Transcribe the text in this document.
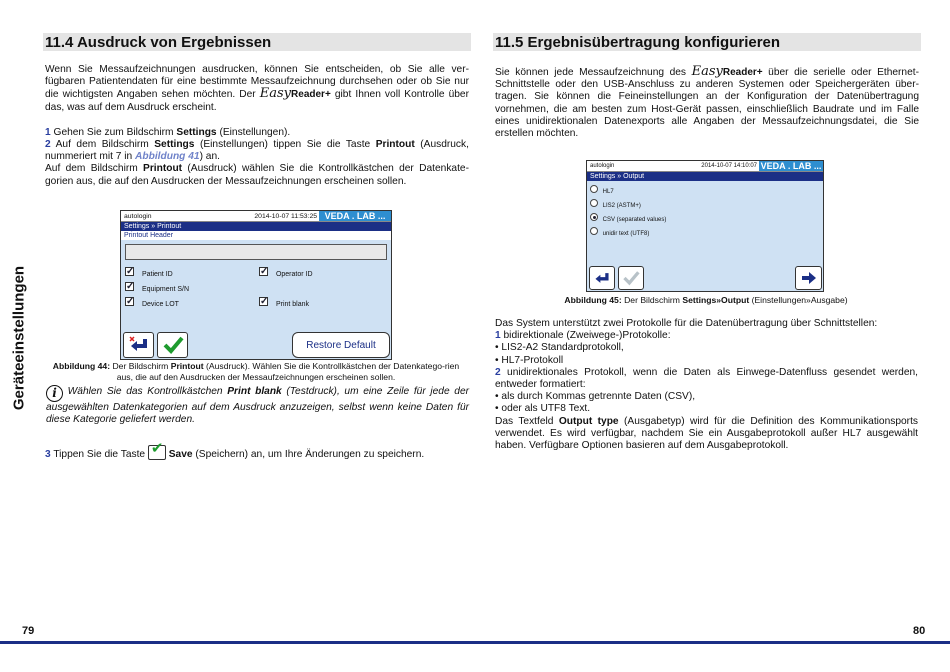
Geräteeinstellungen
11.4 Ausdruck von Ergebnissen

Wenn Sie Messaufzeichnungen ausdrucken, können Sie entscheiden, ob Sie alle ver-fügbaren Patientendaten für eine bestimmte Messaufzeichnung durchsehen oder ob Sie nur die wichtigsten Angaben sehen möchten. Der EasyReader+ gibt Ihnen voll Kontrolle über das, was auf dem Ausdruck erscheint.

1 Gehen Sie zum Bildschirm Settings (Einstellungen).

2 Auf dem Bildschirm Settings (Einstellungen) tippen Sie die Taste Printout (Ausdruck, nummeriert mit 7 in Abbildung 41) an.
Auf dem Bildschirm Printout (Ausdruck) wählen Sie die Kontrollkästchen der Datenkate-gorien aus, die auf den Ausdrucken der Messaufzeichnungen erscheinen sollen.

autologin	2014-10-07 11:53:25 VEDA . LAB ...
Settings » Printout
Printout Header
✓ Patient ID
✓ Equipment S/N
✓ Device LOT
✓ Operator ID
✓ Print blank
Restore Default
Abbildung 44: Der Bildschirm Printout (Ausdruck). Wählen Sie die Kontrollkästchen der Datenkatego-rien aus, die auf den Ausdrucken der Messaufzeichnungen erscheinen sollen.

i Wählen Sie das Kontrollkästchen Print blank (Testdruck), um eine Zeile für jede der ausgewählten Datenkategorien auf dem Ausdruck anzuzeigen, selbst wenn keine Daten für diese Kategorie geliefert werden.

3 Tippen Sie die Taste ✔ Save (Speichern) an, um Ihre Änderungen zu speichern.

11.5 Ergebnisübertragung konfigurieren

Sie können jede Messaufzeichnung des EasyReader+ über die serielle oder Ethernet-Schnittstelle oder den USB-Anschluss zu anderen Systemen oder Speichergeräten über-tragen. Sie können die Feineinstellungen an der Konfiguration der Datenübertragung vornehmen, die am besten zum Host-Gerät passen, einschließlich Baudrate und im Falle eines unidirektionalen Datenexports alle Angaben der Messaufzeichnungsdatei, die Sie erstellen möchten.

autologin	2014-10-07 14:10:07 VEDA . LAB ...
Settings » Output
HL7
LIS2 (ASTM+)
CSV (separated values)
unidir text (UTF8)
Abbildung 45: Der Bildschirm Settings»Output (Einstellungen»Ausgabe)

Das System unterstützt zwei Protokolle für die Datenübertragung über Schnittstellen:

1 bidirektionale (Zweiwege-)Protokolle:

• LIS2-A2 Standardprotokoll,

• HL7-Protokoll

2 unidirektionales Protokoll, wenn die Daten als Einwege-Datenfluss gesendet werden, entweder formatiert:

• als durch Kommas getrennte Daten (CSV),

• oder als UTF8 Text.

Das Textfeld Output type (Ausgabetyp) wird für die Definition des Kommunikationsports verwendet. Es wird verfügbar, nachdem Sie ein Ausgabeprotokoll außer HL7 ausgewählt haben. Verfügbare Optionen basieren auf dem Ausgabeprotokoll.

79	80
